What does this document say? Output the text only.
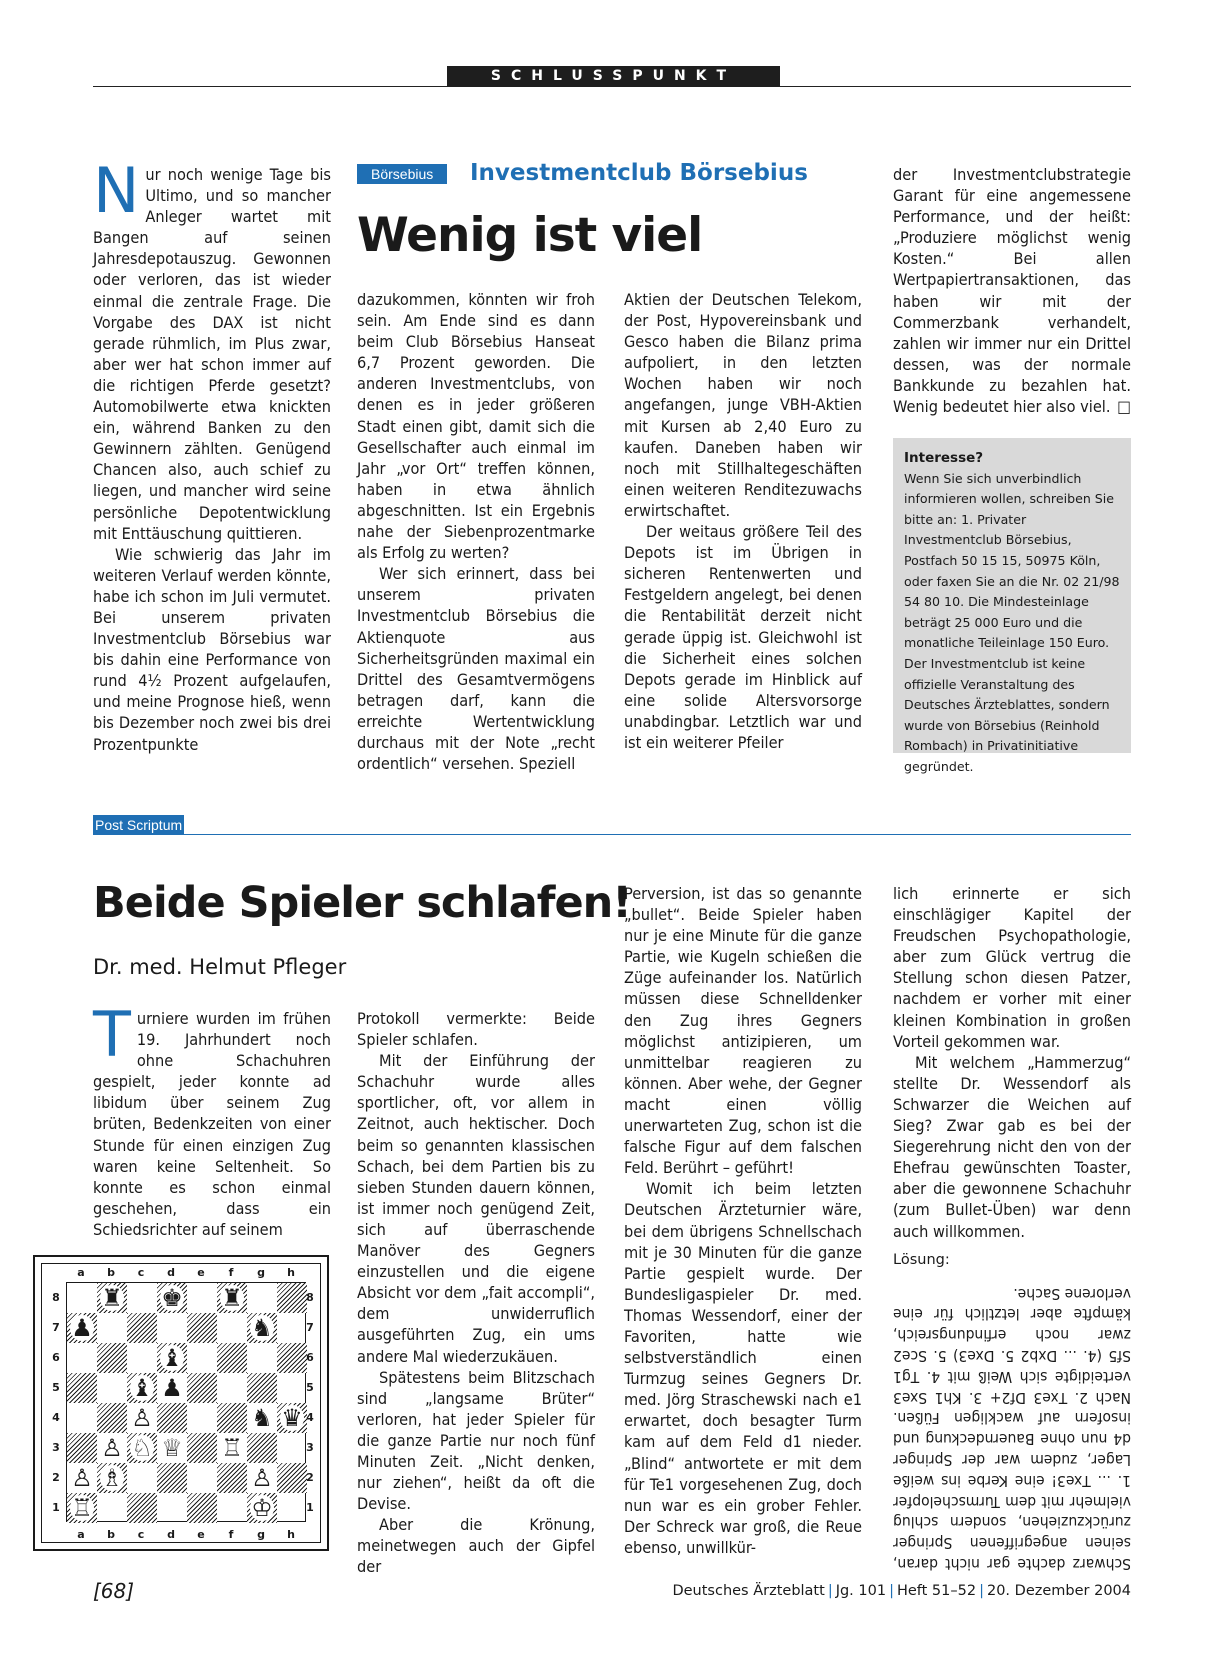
SCHLUSSPUNKT
Börsebius	Investmentclub Börsebius
Wenig ist viel

Nur noch wenige Tage bis Ultimo, und so mancher Anleger wartet mit Bangen auf seinen Jahresdepotauszug. Gewonnen oder verloren, das ist wieder einmal die zentrale Frage. Die Vorgabe des DAX ist nicht gerade rühmlich, im Plus zwar, aber wer hat schon immer auf die richtigen Pferde gesetzt? Automobilwerte etwa knickten ein, während Banken zu den Gewinnern zählten. Genügend Chancen also, auch schief zu liegen, und mancher wird seine persönliche Depotentwicklung mit Enttäuschung quittieren.

Wie schwierig das Jahr im weiteren Verlauf werden könnte, habe ich schon im Juli vermutet. Bei unserem privaten Investmentclub Börsebius war bis dahin eine Performance von rund 4½ Prozent aufgelaufen, und meine Prognose hieß, wenn bis Dezember noch zwei bis drei Prozentpunkte

dazukommen, könnten wir froh sein. Am Ende sind es dann beim Club Börsebius Hanseat 6,7 Prozent geworden. Die anderen Investmentclubs, von denen es in jeder größeren Stadt einen gibt, damit sich die Gesellschafter auch einmal im Jahr „vor Ort“ treffen können, haben in etwa ähnlich abgeschnitten. Ist ein Ergebnis nahe der Siebenprozentmarke als Erfolg zu werten?

Wer sich erinnert, dass bei unserem privaten Investmentclub Börsebius die Aktienquote aus Sicherheitsgründen maximal ein Drittel des Gesamtvermögens betragen darf, kann die erreichte Wertentwicklung durchaus mit der Note „recht ordentlich“ versehen. Speziell

Aktien der Deutschen Telekom, der Post, Hypovereinsbank und Gesco haben die Bilanz prima aufpoliert, in den letzten Wochen haben wir noch angefangen, junge VBH-Aktien mit Kursen ab 2,40 Euro zu kaufen. Daneben haben wir noch mit Stillhaltegeschäften einen weiteren Renditezuwachs erwirtschaftet.

Der weitaus größere Teil des Depots ist im Übrigen in sicheren Rentenwerten und Festgeldern angelegt, bei denen die Rentabilität derzeit nicht gerade üppig ist. Gleichwohl ist die Sicherheit eines solchen Depots gerade im Hinblick auf eine solide Altersvorsorge unabdingbar. Letztlich war und ist ein weiterer Pfeiler

der Investmentclubstrategie Garant für eine angemessene Performance, und der heißt: „Produziere möglichst wenig Kosten.“ Bei allen Wertpapiertransaktionen, das haben wir mit der Commerzbank verhandelt, zahlen wir immer nur ein Drittel dessen, was der normale Bankkunde zu bezahlen hat. Wenig bedeutet hier also viel. □

Interesse?
Wenn Sie sich unverbindlich informieren wollen, schreiben Sie bitte an: 1. Privater Investmentclub Börsebius, Postfach 50 15 15, 50975 Köln, oder faxen Sie an die Nr. 02 21/98 54 80 10. Die Mindesteinlage beträgt 25 000 Euro und die monatliche Teileinlage 150 Euro. Der Investmentclub ist keine offizielle Veranstaltung des Deutsches Ärzteblattes, sondern wurde von Börsebius (Reinhold Rombach) in Privatinitiative gegründet.
Post Scriptum
Beide Spieler schlafen!
Dr. med. Helmut Pfleger

Turniere wurden im frühen 19. Jahrhundert noch ohne Schachuhren gespielt, jeder konnte ad libidum über seinem Zug brüten, Bedenkzeiten von einer Stunde für einen einzigen Zug waren keine Seltenheit. So konnte es schon einmal geschehen, dass ein Schiedsrichter auf seinem

Protokoll vermerkte: Beide Spieler schlafen.

Mit der Einführung der Schachuhr wurde alles sportlicher, oft, vor allem in Zeitnot, auch hektischer. Doch beim so genannten klassischen Schach, bei dem Partien bis zu sieben Stunden dauern können, ist immer noch genügend Zeit, sich auf überraschende Manöver des Gegners einzustellen und die eigene Absicht vor dem „fait accompli“, dem unwiderruflich ausgeführten Zug, ein ums andere Mal wiederzukäuen.

Spätestens beim Blitzschach sind „langsame Brüter“ verloren, hat jeder Spieler für die ganze Partie nur noch fünf Minuten Zeit. „Nicht denken, nur ziehen“, heißt da oft die Devise.

Aber die Krönung, meinetwegen auch der Gipfel der

Perversion, ist das so genannte „bullet“. Beide Spieler haben nur je eine Minute für die ganze Partie, wie Kugeln schießen die Züge aufeinander los. Natürlich müssen diese Schnelldenker den Zug ihres Gegners möglichst antizipieren, um unmittelbar reagieren zu können. Aber wehe, der Gegner macht einen völlig unerwarteten Zug, schon ist die falsche Figur auf dem falschen Feld. Berührt – geführt!

Womit ich beim letzten Deutschen Ärzteturnier wäre, bei dem übrigens Schnellschach mit je 30 Minuten für die ganze Partie gespielt wurde. Der Bundesligaspieler Dr. med. Thomas Wessendorf, einer der Favoriten, hatte wie selbstverständlich einen Turmzug seines Gegners Dr. med. Jörg Straschewski nach e1 erwartet, doch besagter Turm kam auf dem Feld d1 nieder. „Blind“ antwortete er mit dem für Te1 vorgesehenen Zug, doch nun war es ein grober Fehler. Der Schreck war groß, die Reue ebenso, unwillkür-

lich erinnerte er sich einschlägiger Kapitel der Freudschen Psychopathologie, aber zum Glück vertrug die Stellung schon diesen Patzer, nachdem er vorher mit einer kleinen Kombination in großen Vorteil gekommen war.

Mit welchem „Hammerzug“ stellte Dr. Wessendorf als Schwarzer die Weichen auf Sieg? Zwar gab es bei der Siegerehrung nicht den von der Ehefrau gewünschten Toaster, aber die gewonnene Schachuhr (zum Bullet-Üben) war denn auch willkommen.

Lösung:
Schwarz dachte gar nicht daran, seinen angegriffenen Springer zurückzuziehen, sondern schlug vielmehr mit dem Turmschelopfer 1. ... Txe3! eine Kerbe ins weiße Lager, zudem war der Springer d4 nun ohne Bauerndeckung und insofern auf wackligen Füßen. Nach 2. Txe3 Df2+ 3. Kh1 Sxe3 verteidigte sich Weiß mit 4. Tg1 Sf5 (4. ... Dxb2 5. Dxe3) 5. Sce2 zwar noch erfindungsreich, kämpfte aber letztlich für eine verlorene Sache.
a	b	c	d	e	f	g	h
8
7
6
5
4
3
2
1
♜ ♚ ♜
♟	♞
♝
♝ ♟
♙	♞ ♛
♙ ♘ ♕ ♖
♙ ♗	♙
♖	♔
8
7
6
5
4
3
2
1
a	b	c	d	e	f	g	h
[68]	Deutsches Ärzteblatt | Jg. 101 | Heft 51–52 | 20. Dezember 2004
